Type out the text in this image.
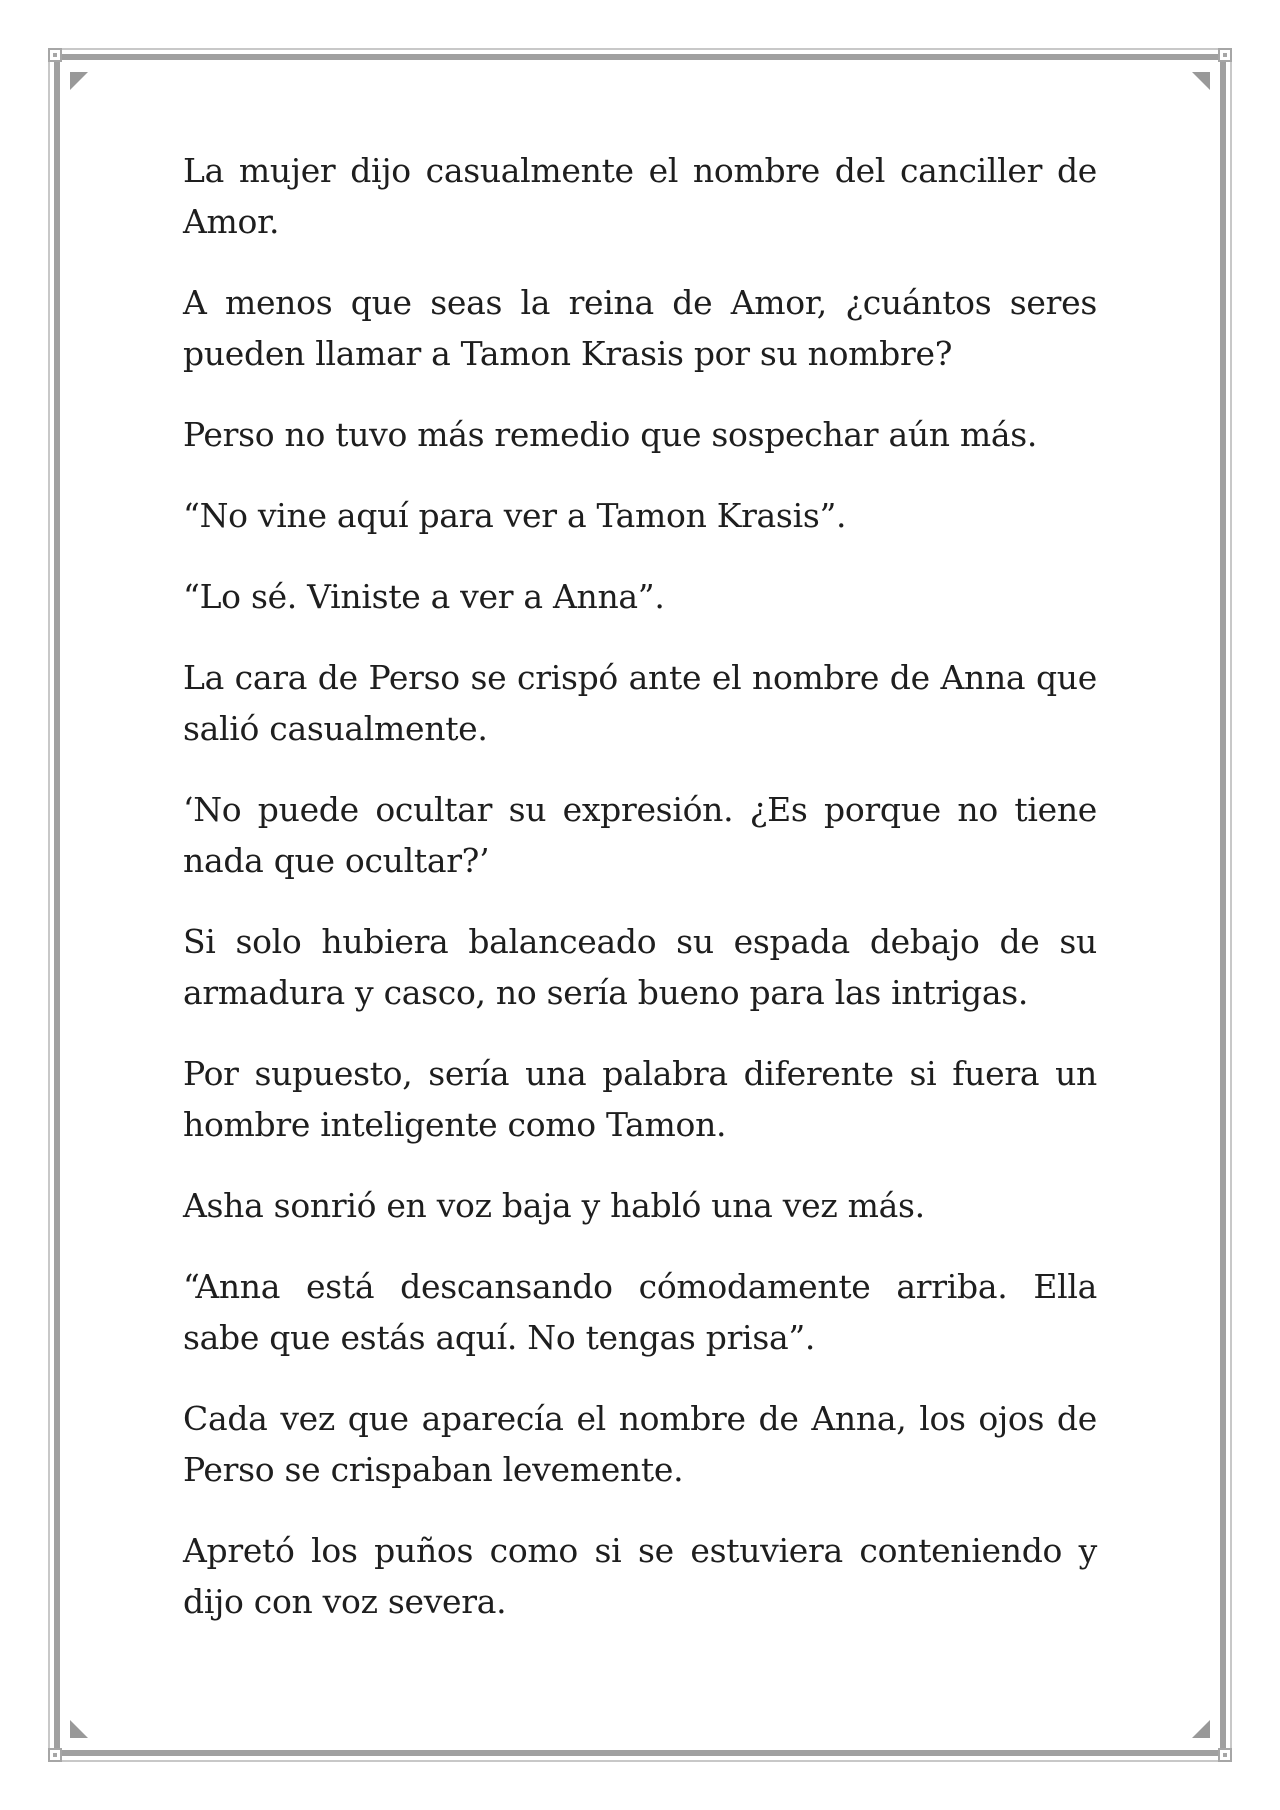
La mujer dijo casualmente el nombre del canciller de Amor.

A menos que seas la reina de Amor, ¿cuántos seres pueden llamar a Tamon Krasis por su nombre?

Perso no tuvo más remedio que sospechar aún más.

“No vine aquí para ver a Tamon Krasis”.

“Lo sé. Viniste a ver a Anna”.

La cara de Perso se crispó ante el nombre de Anna que salió casualmente.

‘No puede ocultar su expresión. ¿Es porque no tiene nada que ocultar?’

Si solo hubiera balanceado su espada debajo de su armadura y casco, no sería bueno para las intrigas.

Por supuesto, sería una palabra diferente si fuera un hombre inteligente como Tamon.

Asha sonrió en voz baja y habló una vez más.

“Anna está descansando cómodamente arriba. Ella sabe que estás aquí. No tengas prisa”.

Cada vez que aparecía el nombre de Anna, los ojos de Perso se crispaban levemente.

Apretó los puños como si se estuviera conteniendo y dijo con voz severa.
